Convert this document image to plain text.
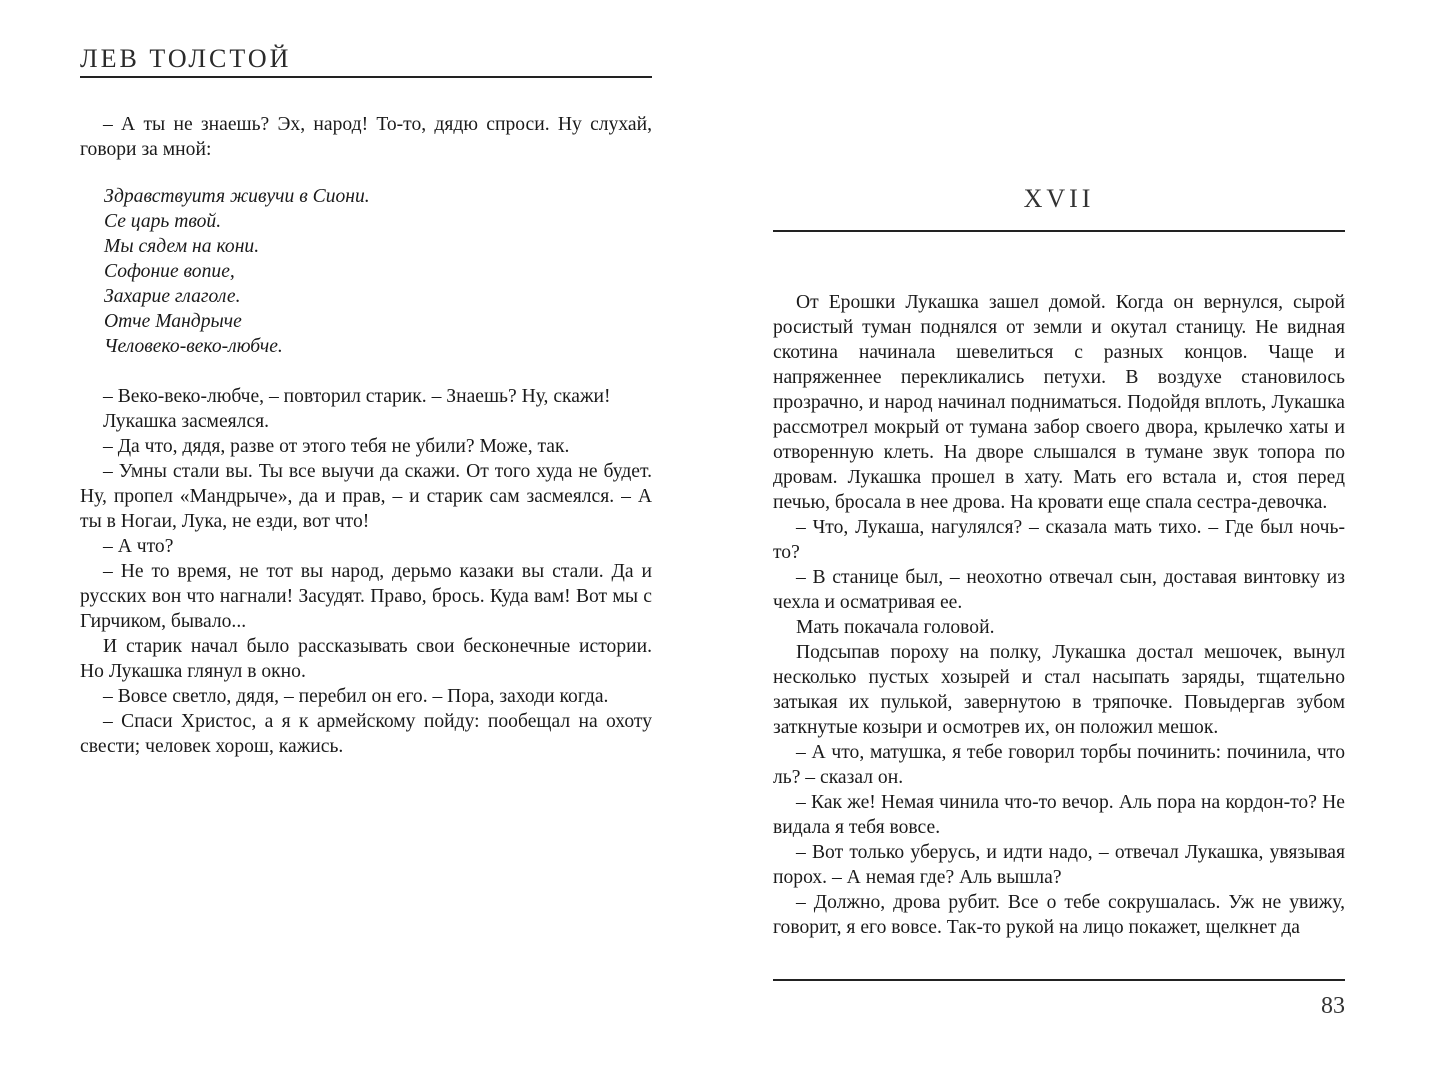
ЛЕВ ТОЛСТОЙ

– А ты не знаешь? Эх, народ! То-то, дядю спроси. Ну слухай, говори за мной:

Здравствуитя живучи в Сиони.
Се царь твой.
Мы сядем на кони.
Софоние вопие,
Захарие глаголе.
Отче Мандрыче
Человеко-веко-любче.

– Веко-веко-любче, – повторил старик. – Знаешь? Ну, скажи!

Лукашка засмеялся.

– Да что, дядя, разве от этого тебя не убили? Може, так.

– Умны стали вы. Ты все выучи да скажи. От того худа не будет. Ну, пропел «Мандрыче», да и прав, – и старик сам засмеялся. – А ты в Ногаи, Лука, не езди, вот что!

– А что?

– Не то время, не тот вы народ, дерьмо казаки вы стали. Да и русских вон что нагнали! Засудят. Право, брось. Куда вам! Вот мы с Гирчиком, бывало...

И старик начал было рассказывать свои бесконечные истории. Но Лукашка глянул в окно.

– Вовсе светло, дядя, – перебил он его. – Пора, заходи когда.

– Спаси Христос, а я к армейскому пойду: пообещал на охоту свести; человек хорош, кажись.

XVII

От Ерошки Лукашка зашел домой. Когда он вернулся, сырой росистый туман поднялся от земли и окутал станицу. Не видная скотина начинала шевелиться с разных концов. Чаще и напряженнее перекликались петухи. В воздухе становилось прозрачно, и народ начинал подниматься. Подойдя вплоть, Лукашка рассмотрел мокрый от тумана забор своего двора, крылечко хаты и отворенную клеть. На дворе слышался в тумане звук топора по дровам. Лукашка прошел в хату. Мать его встала и, стоя перед печью, бросала в нее дрова. На кровати еще спала сестра-девочка.

– Что, Лукаша, нагулялся? – сказала мать тихо. – Где был ночь-то?

– В станице был, – неохотно отвечал сын, доставая винтовку из чехла и осматривая ее.

Мать покачала головой.

Подсыпав пороху на полку, Лукашка достал мешочек, вынул несколько пустых хозырей и стал насыпать заряды, тщательно затыкая их пулькой, завернутою в тряпочке. Повыдергав зубом заткнутые козыри и осмотрев их, он положил мешок.

– А что, матушка, я тебе говорил торбы починить: починила, что ль? – сказал он.

– Как же! Немая чинила что-то вечор. Аль пора на кордон-то? Не видала я тебя вовсе.

– Вот только уберусь, и идти надо, – отвечал Лукашка, увязывая порох. – А немая где? Аль вышла?

– Должно, дрова рубит. Все о тебе сокрушалась. Уж не увижу, говорит, я его вовсе. Так-то рукой на лицо покажет, щелкнет да

83
